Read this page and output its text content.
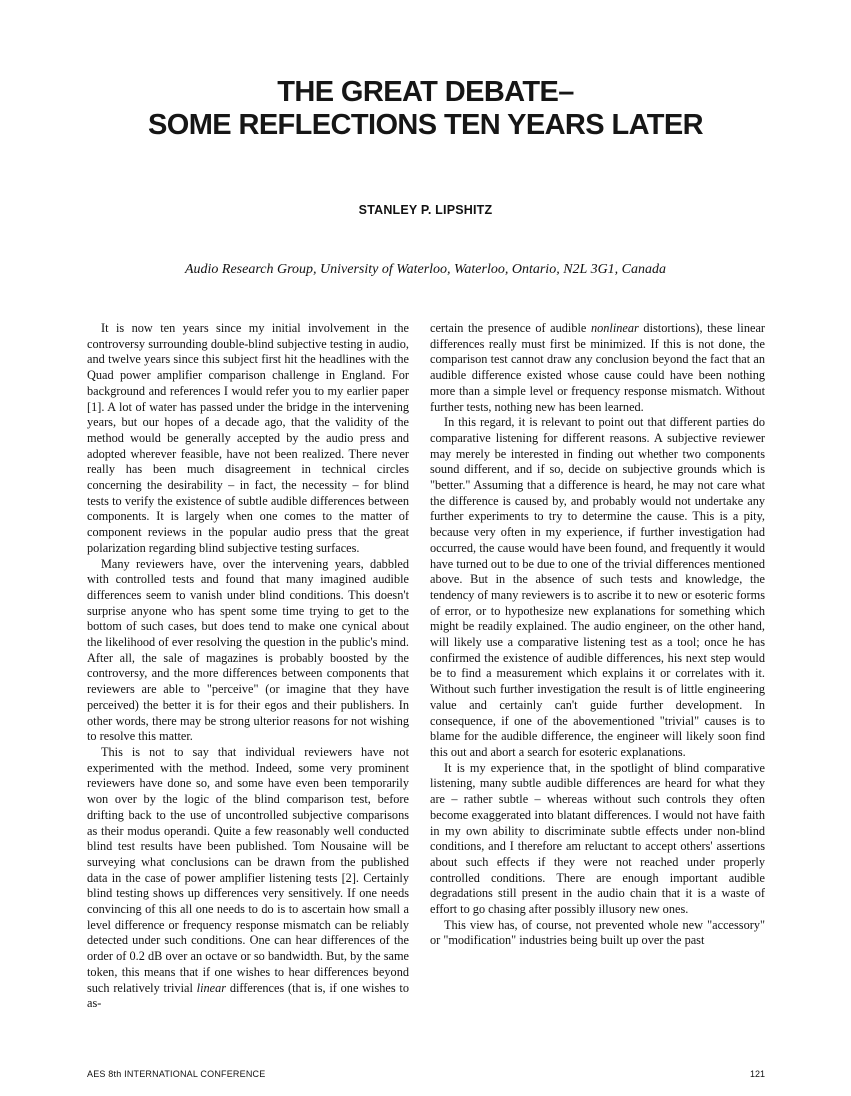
THE GREAT DEBATE–
SOME REFLECTIONS TEN YEARS LATER
STANLEY P. LIPSHITZ
Audio Research Group, University of Waterloo, Waterloo, Ontario, N2L 3G1, Canada

It is now ten years since my initial involvement in the controversy surrounding double-blind subjective testing in audio, and twelve years since this subject first hit the headlines with the Quad power amplifier comparison challenge in England. For background and references I would refer you to my earlier paper [1]. A lot of water has passed under the bridge in the intervening years, but our hopes of a decade ago, that the validity of the method would be generally accepted by the audio press and adopted wherever feasible, have not been realized. There never really has been much disagreement in technical circles concerning the desirability – in fact, the necessity – for blind tests to verify the existence of subtle audible differences between components. It is largely when one comes to the matter of component reviews in the popular audio press that the great polarization regarding blind subjective testing surfaces.

Many reviewers have, over the intervening years, dabbled with controlled tests and found that many imagined audible differences seem to vanish under blind conditions. This doesn't surprise anyone who has spent some time trying to get to the bottom of such cases, but does tend to make one cynical about the likelihood of ever resolving the question in the public's mind. After all, the sale of magazines is probably boosted by the controversy, and the more differences between components that reviewers are able to "perceive" (or imagine that they have perceived) the better it is for their egos and their publishers. In other words, there may be strong ulterior reasons for not wishing to resolve this matter.

This is not to say that individual reviewers have not experimented with the method. Indeed, some very prominent reviewers have done so, and some have even been temporarily won over by the logic of the blind comparison test, before drifting back to the use of uncontrolled subjective comparisons as their modus operandi. Quite a few reasonably well conducted blind test results have been published. Tom Nousaine will be surveying what conclusions can be drawn from the published data in the case of power amplifier listening tests [2]. Certainly blind testing shows up differences very sensitively. If one needs convincing of this all one needs to do is to ascertain how small a level difference or frequency response mismatch can be reliably detected under such conditions. One can hear differences of the order of 0.2 dB over an octave or so bandwidth. But, by the same token, this means that if one wishes to hear differences beyond such relatively trivial linear differences (that is, if one wishes to as-

certain the presence of audible nonlinear distortions), these linear differences really must first be minimized. If this is not done, the comparison test cannot draw any conclusion beyond the fact that an audible difference existed whose cause could have been nothing more than a simple level or frequency response mismatch. Without further tests, nothing new has been learned.

In this regard, it is relevant to point out that different parties do comparative listening for different reasons. A subjective reviewer may merely be interested in finding out whether two components sound different, and if so, decide on subjective grounds which is "better." Assuming that a difference is heard, he may not care what the difference is caused by, and probably would not undertake any further experiments to try to determine the cause. This is a pity, because very often in my experience, if further investigation had occurred, the cause would have been found, and frequently it would have turned out to be due to one of the trivial differences mentioned above. But in the absence of such tests and knowledge, the tendency of many reviewers is to ascribe it to new or esoteric forms of error, or to hypothesize new explanations for something which might be readily explained. The audio engineer, on the other hand, will likely use a comparative listening test as a tool; once he has confirmed the existence of audible differences, his next step would be to find a measurement which explains it or correlates with it. Without such further investigation the result is of little engineering value and certainly can't guide further development. In consequence, if one of the abovementioned "trivial" causes is to blame for the audible difference, the engineer will likely soon find this out and abort a search for esoteric explanations.

It is my experience that, in the spotlight of blind comparative listening, many subtle audible differences are heard for what they are – rather subtle – whereas without such controls they often become exaggerated into blatant differences. I would not have faith in my own ability to discriminate subtle effects under non-blind conditions, and I therefore am reluctant to accept others' assertions about such effects if they were not reached under properly controlled conditions. There are enough important audible degradations still present in the audio chain that it is a waste of effort to go chasing after possibly illusory new ones.

This view has, of course, not prevented whole new "accessory" or "modification" industries being built up over the past

AES 8th INTERNATIONAL CONFERENCE	121
